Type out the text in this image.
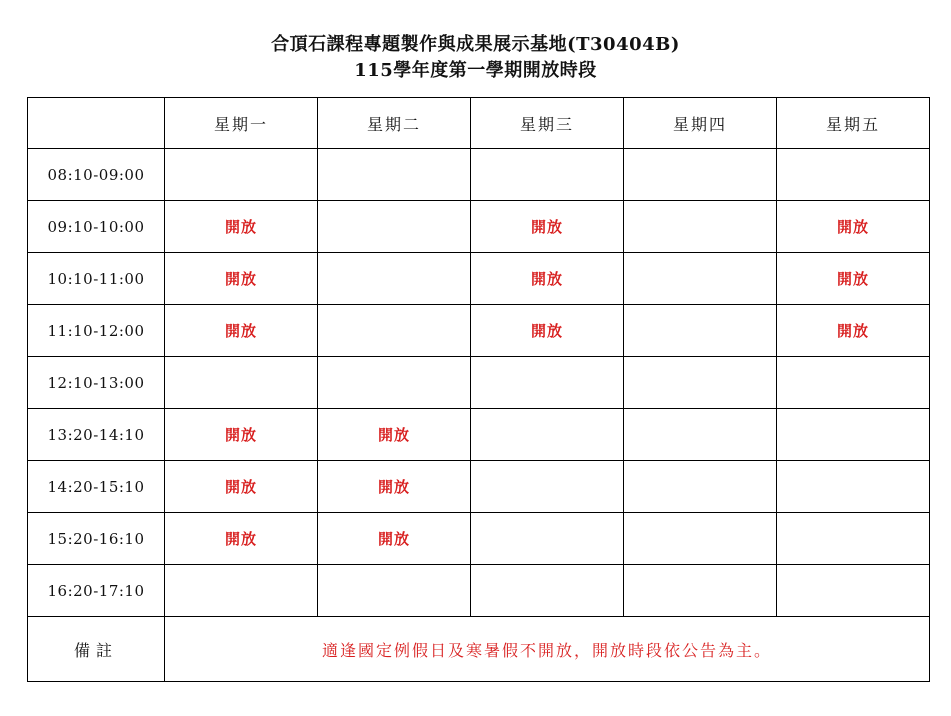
合頂石課程專題製作與成果展示基地(T30404B)
115學年度第一學期開放時段
	星期一	星期二	星期三	星期四	星期五
08:10-09:00					
09:10-10:00	開放		開放		開放
10:10-11:00	開放		開放		開放
11:10-12:00	開放		開放		開放
12:10-13:00					
13:20-14:10	開放	開放			
14:20-15:10	開放	開放			
15:20-16:10	開放	開放			
16:20-17:10					
備註	適逢國定例假日及寒暑假不開放，開放時段依公告為主。				
